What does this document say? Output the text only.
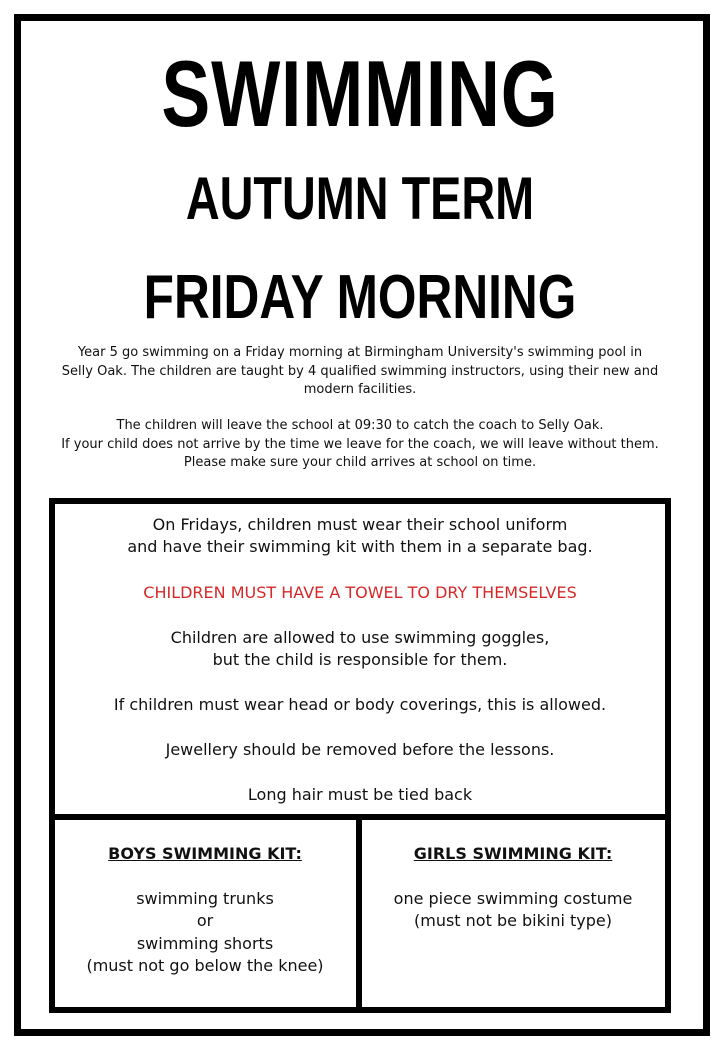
SWIMMING
AUTUMN TERM
FRIDAY MORNING
Year 5 go swimming on a Friday morning at Birmingham University's swimming pool in
Selly Oak. The children are taught by 4 qualified swimming instructors, using their new and
modern facilities.
The children will leave the school at 09:30 to catch the coach to Selly Oak.
If your child does not arrive by the time we leave for the coach, we will leave without them.
Please make sure your child arrives at school on time.
On Fridays, children must wear their school uniform
and have their swimming kit with them in a separate bag.
CHILDREN MUST HAVE A TOWEL TO DRY THEMSELVES
Children are allowed to use swimming goggles,
but the child is responsible for them.
If children must wear head or body coverings, this is allowed.
Jewellery should be removed before the lessons.
Long hair must be tied back
BOYS SWIMMING KIT:
swimming trunks
or
swimming shorts
(must not go below the knee)
GIRLS SWIMMING KIT:
one piece swimming costume
(must not be bikini type)
